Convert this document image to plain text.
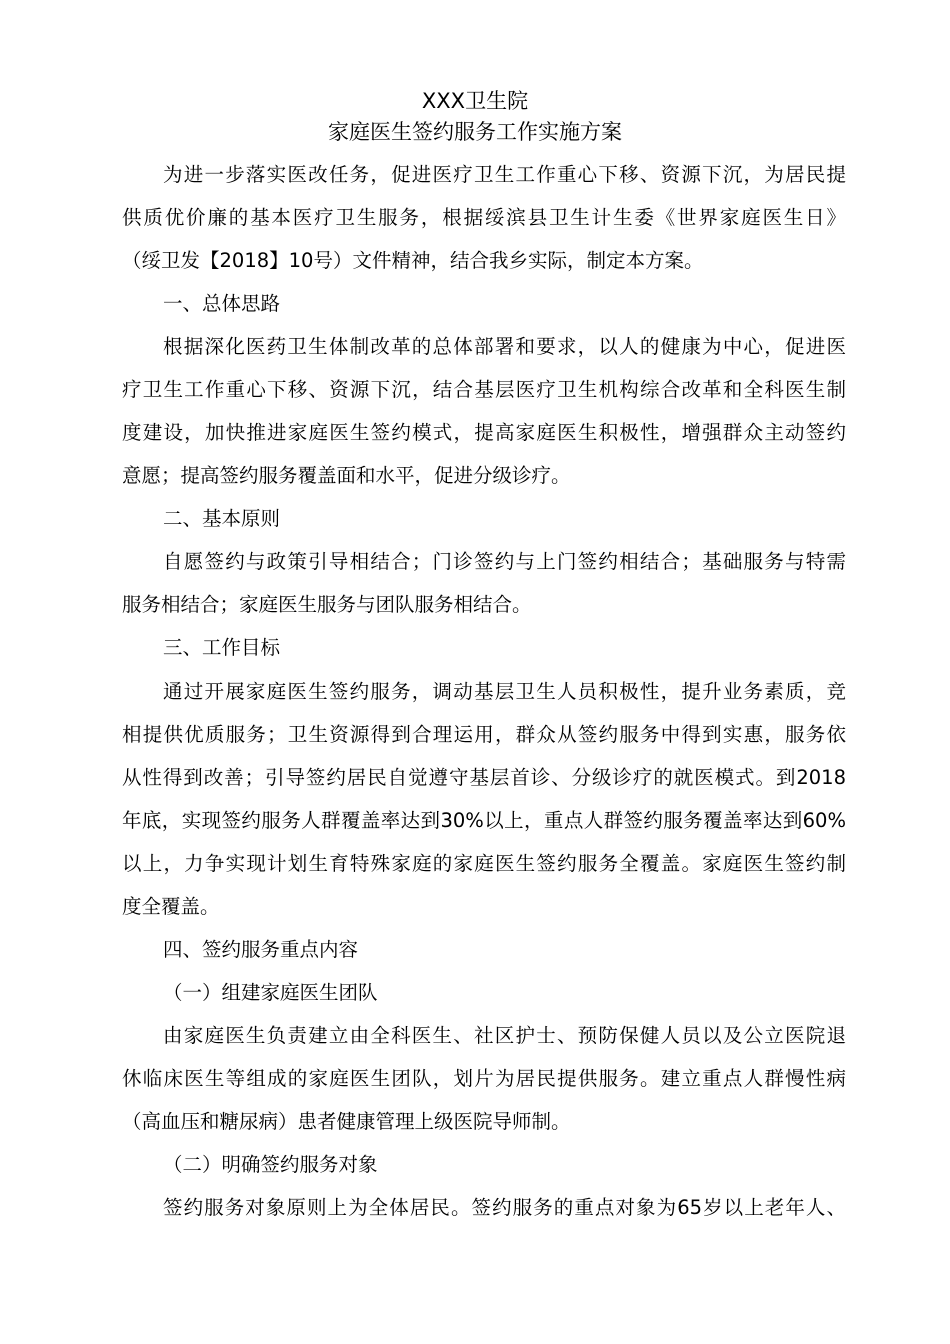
XXX卫生院
家庭医生签约服务工作实施方案
为进一步落实医改任务，促进医疗卫生工作重心下移、资源下沉，为居民提
供质优价廉的基本医疗卫生服务，根据绥滨县卫生计生委《世界家庭医生日》
（绥卫发【2018】10号）文件精神，结合我乡实际，制定本方案。
一、总体思路
根据深化医药卫生体制改革的总体部署和要求，以人的健康为中心，促进医
疗卫生工作重心下移、资源下沉，结合基层医疗卫生机构综合改革和全科医生制
度建设，加快推进家庭医生签约模式，提高家庭医生积极性，增强群众主动签约
意愿；提高签约服务覆盖面和水平，促进分级诊疗。
二、基本原则
自愿签约与政策引导相结合；门诊签约与上门签约相结合；基础服务与特需
服务相结合；家庭医生服务与团队服务相结合。
三、工作目标
通过开展家庭医生签约服务，调动基层卫生人员积极性，提升业务素质，竞
相提供优质服务；卫生资源得到合理运用，群众从签约服务中得到实惠，服务依
从性得到改善；引导签约居民自觉遵守基层首诊、分级诊疗的就医模式。到2018
年底，实现签约服务人群覆盖率达到30%以上，重点人群签约服务覆盖率达到60%
以上，力争实现计划生育特殊家庭的家庭医生签约服务全覆盖。家庭医生签约制
度全覆盖。
四、签约服务重点内容
（一）组建家庭医生团队
由家庭医生负责建立由全科医生、社区护士、预防保健人员以及公立医院退
休临床医生等组成的家庭医生团队，划片为居民提供服务。建立重点人群慢性病
（高血压和糖尿病）患者健康管理上级医院导师制。
（二）明确签约服务对象
签约服务对象原则上为全体居民。签约服务的重点对象为65岁以上老年人、
